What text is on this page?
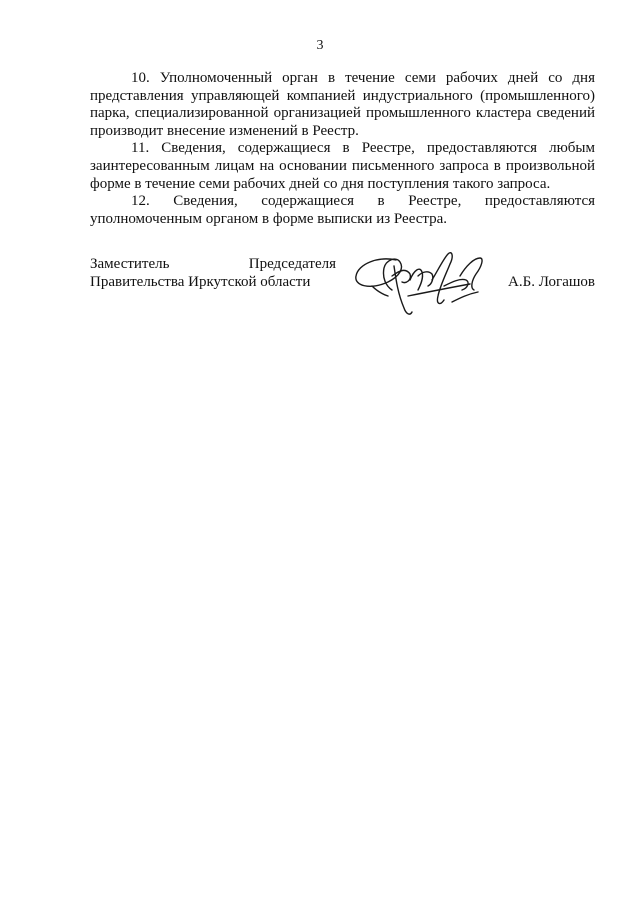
3

10. Уполномоченный орган в течение семи рабочих дней со дня представления управляющей компанией индустриального (промышленного) парка, специализированной организацией промышленного кластера сведений производит внесение изменений в Реестр.

11. Сведения, содержащиеся в Реестре, предоставляются любым заинтересованным лицам на основании письменного запроса в произвольной форме в течение семи рабочих дней со дня поступления такого запроса.

12. Сведения, содержащиеся в Реестре, предоставляются уполномоченным органом в форме выписки из Реестра.

Заместитель	Председателя
Правительства Иркутской области	А.Б. Логашов
